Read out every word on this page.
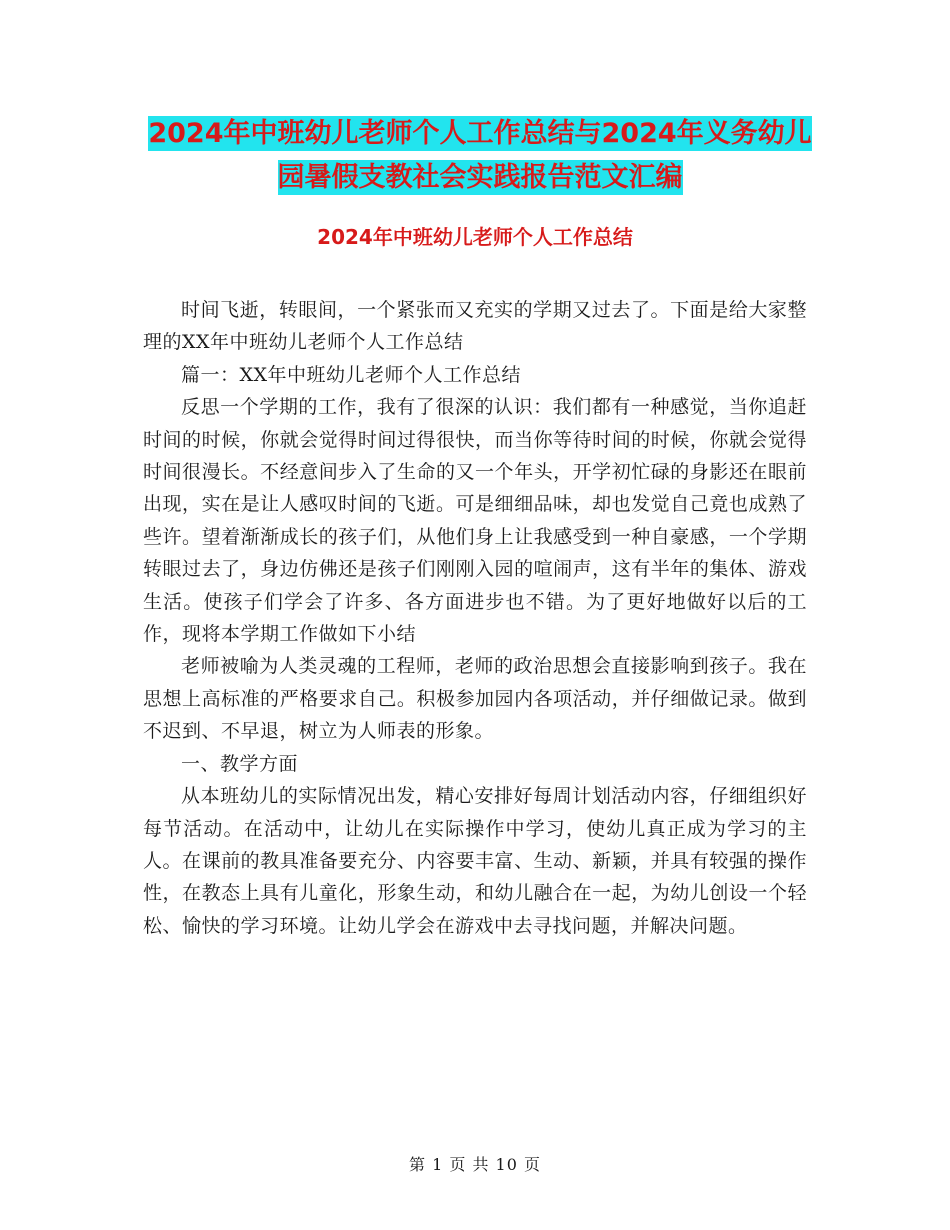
2024年中班幼儿老师个人工作总结与2024年义务幼儿
园暑假支教社会实践报告范文汇编
2024年中班幼儿老师个人工作总结

时间飞逝，转眼间，一个紧张而又充实的学期又过去了。下面是给大家整理的XX年中班幼儿老师个人工作总结

篇一：XX年中班幼儿老师个人工作总结

反思一个学期的工作，我有了很深的认识：我们都有一种感觉，当你追赶时间的时候，你就会觉得时间过得很快，而当你等待时间的时候，你就会觉得时间很漫长。不经意间步入了生命的又一个年头，开学初忙碌的身影还在眼前出现，实在是让人感叹时间的飞逝。可是细细品味，却也发觉自己竟也成熟了些许。望着渐渐成长的孩子们，从他们身上让我感受到一种自豪感，一个学期转眼过去了，身边仿佛还是孩子们刚刚入园的喧闹声，这有半年的集体、游戏生活。使孩子们学会了许多、各方面进步也不错。为了更好地做好以后的工作，现将本学期工作做如下小结

老师被喻为人类灵魂的工程师，老师的政治思想会直接影响到孩子。我在思想上高标准的严格要求自己。积极参加园内各项活动，并仔细做记录。做到不迟到、不早退，树立为人师表的形象。

一、教学方面

从本班幼儿的实际情况出发，精心安排好每周计划活动内容，仔细组织好每节活动。在活动中，让幼儿在实际操作中学习，使幼儿真正成为学习的主人。在课前的教具准备要充分、内容要丰富、生动、新颖，并具有较强的操作性，在教态上具有儿童化，形象生动，和幼儿融合在一起，为幼儿创设一个轻松、愉快的学习环境。让幼儿学会在游戏中去寻找问题，并解决问题。

第 1 页 共 10 页
